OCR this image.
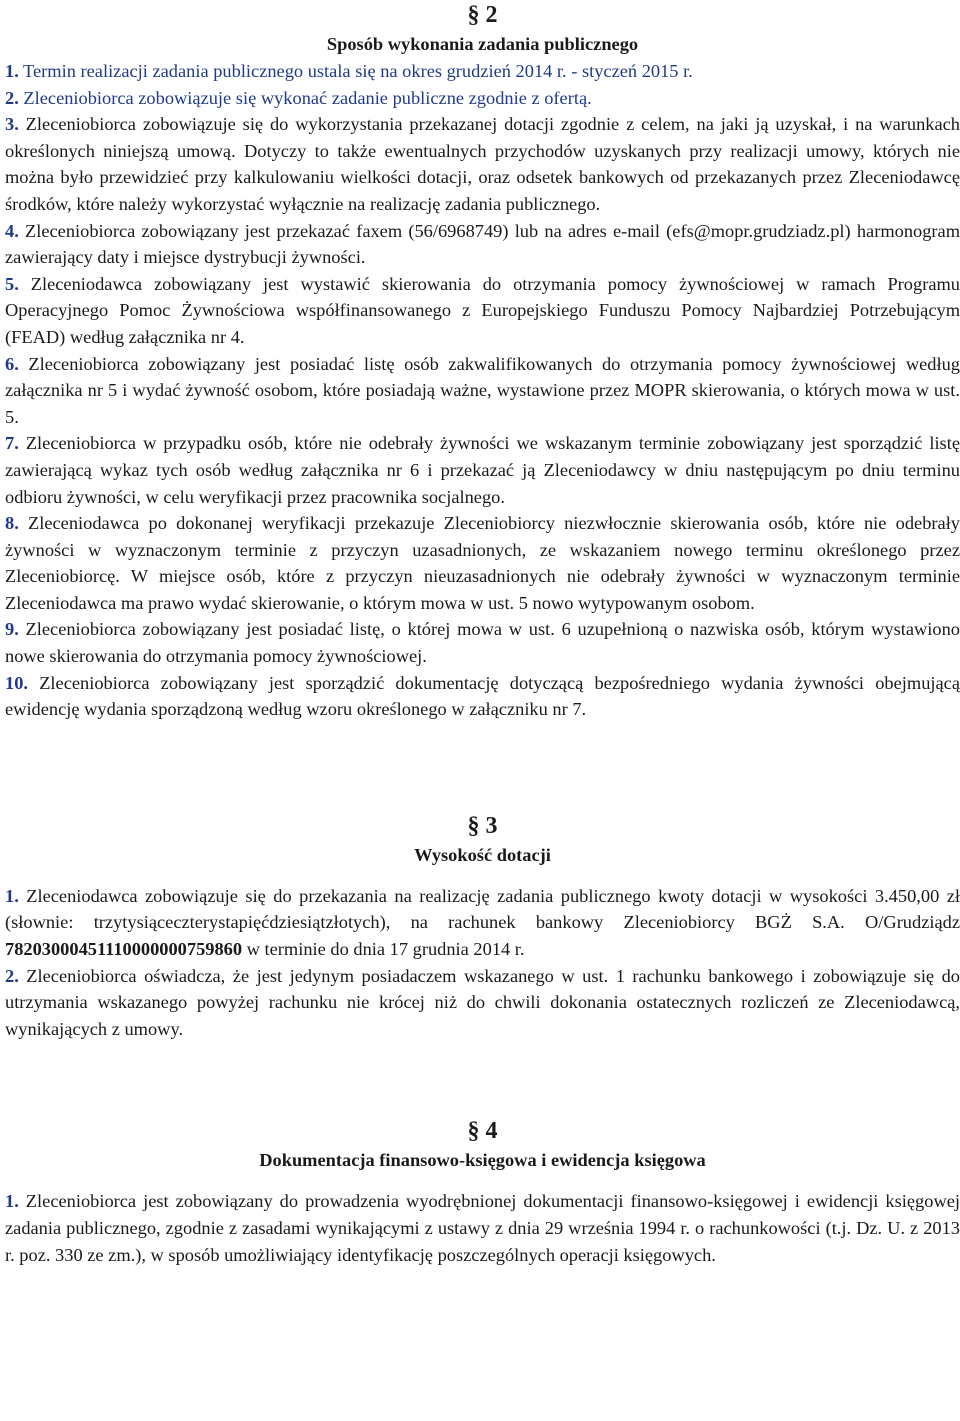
§ 2
Sposób wykonania zadania publicznego

1. Termin realizacji zadania publicznego ustala się na okres grudzień 2014 r. - styczeń 2015 r.

2. Zleceniobiorca zobowiązuje się wykonać zadanie publiczne zgodnie z ofertą.

3. Zleceniobiorca zobowiązuje się do wykorzystania przekazanej dotacji zgodnie z celem, na jaki ją uzyskał, i na warunkach określonych niniejszą umową. Dotyczy to także ewentualnych przychodów uzyskanych przy realizacji umowy, których nie można było przewidzieć przy kalkulowaniu wielkości dotacji, oraz odsetek bankowych od przekazanych przez Zleceniodawcę środków, które należy wykorzystać wyłącznie na realizację zadania publicznego.

4. Zleceniobiorca zobowiązany jest przekazać faxem (56/6968749) lub na adres e-mail (efs@mopr.grudziadz.pl) harmonogram zawierający daty i miejsce dystrybucji żywności.

5. Zleceniodawca zobowiązany jest wystawić skierowania do otrzymania pomocy żywnościowej w ramach Programu Operacyjnego Pomoc Żywnościowa współfinansowanego z Europejskiego Funduszu Pomocy Najbardziej Potrzebującym (FEAD) według załącznika nr 4.

6. Zleceniobiorca zobowiązany jest posiadać listę osób zakwalifikowanych do otrzymania pomocy żywnościowej według załącznika nr 5 i wydać żywność osobom, które posiadają ważne, wystawione przez MOPR skierowania, o których mowa w ust. 5.

7. Zleceniobiorca w przypadku osób, które nie odebrały żywności we wskazanym terminie zobowiązany jest sporządzić listę zawierającą wykaz tych osób według załącznika nr 6 i przekazać ją Zleceniodawcy w dniu następującym po dniu terminu odbioru żywności, w celu weryfikacji przez pracownika socjalnego.

8. Zleceniodawca po dokonanej weryfikacji przekazuje Zleceniobiorcy niezwłocznie skierowania osób, które nie odebrały żywności w wyznaczonym terminie z przyczyn uzasadnionych, ze wskazaniem nowego terminu określonego przez Zleceniobiorcę. W miejsce osób, które z przyczyn nieuzasadnionych nie odebrały żywności w wyznaczonym terminie Zleceniodawca ma prawo wydać skierowanie, o którym mowa w ust. 5 nowo wytypowanym osobom.

9. Zleceniobiorca zobowiązany jest posiadać listę, o której mowa w ust. 6 uzupełnioną o nazwiska osób, którym wystawiono nowe skierowania do otrzymania pomocy żywnościowej.

10. Zleceniobiorca zobowiązany jest sporządzić dokumentację dotyczącą bezpośredniego wydania żywności obejmującą ewidencję wydania sporządzoną według wzoru określonego w załączniku nr 7.

§ 3
Wysokość dotacji

1. Zleceniodawca zobowiązuje się do przekazania na realizację zadania publicznego kwoty dotacji w wysokości 3.450,00 zł (słownie: trzytysiąceczterystapięćdziesiątzłotych), na rachunek bankowy Zleceniobiorcy BGŻ S.A. O/Grudziądz 78203000451110000000759860 w terminie do dnia 17 grudnia 2014 r.

2. Zleceniobiorca oświadcza, że jest jedynym posiadaczem wskazanego w ust. 1 rachunku bankowego i zobowiązuje się do utrzymania wskazanego powyżej rachunku nie krócej niż do chwili dokonania ostatecznych rozliczeń ze Zleceniodawcą, wynikających z umowy.

§ 4
Dokumentacja finansowo-księgowa i ewidencja księgowa

1. Zleceniobiorca jest zobowiązany do prowadzenia wyodrębnionej dokumentacji finansowo-księgowej i ewidencji księgowej zadania publicznego, zgodnie z zasadami wynikającymi z ustawy z dnia 29 września 1994 r. o rachunkowości (t.j. Dz. U. z 2013 r. poz. 330 ze zm.), w sposób umożliwiający identyfikację poszczególnych operacji księgowych.
